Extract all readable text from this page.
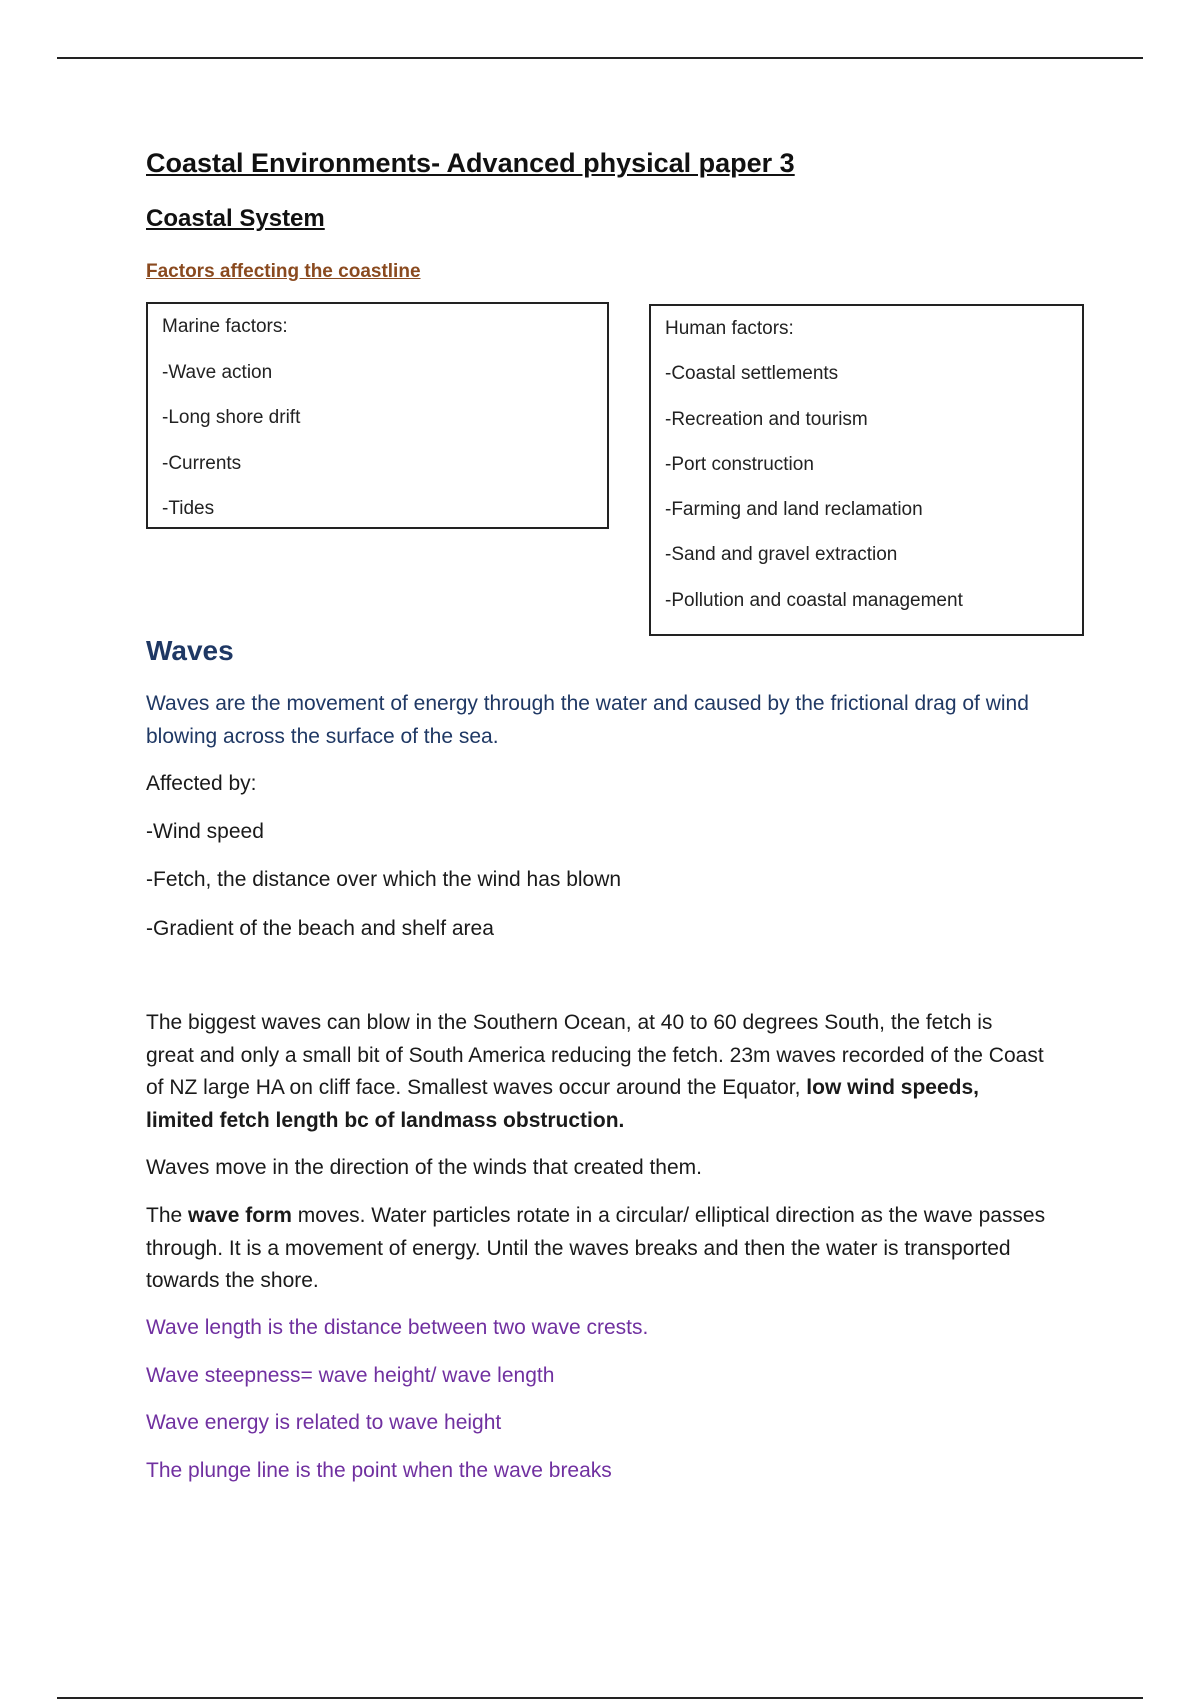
Coastal Environments- Advanced physical paper 3
Coastal System
Factors affecting the coastline
Marine factors:
-Wave action
-Long shore drift
-Currents
-Tides
Human factors:
-Coastal settlements
-Recreation and tourism
-Port construction
-Farming and land reclamation
-Sand and gravel extraction
-Pollution and coastal management
Waves
Waves are the movement of energy through the water and caused by the frictional drag of wind blowing across the surface of the sea.
Affected by:
-Wind speed
-Fetch, the distance over which the wind has blown
-Gradient of the beach and shelf area
The biggest waves can blow in the Southern Ocean, at 40 to 60 degrees South, the fetch is great and only a small bit of South America reducing the fetch. 23m waves recorded of the Coast of NZ large HA on cliff face. Smallest waves occur around the Equator, low wind speeds, limited fetch length bc of landmass obstruction.
Waves move in the direction of the winds that created them.
The wave form moves. Water particles rotate in a circular/ elliptical direction as the wave passes through. It is a movement of energy. Until the waves breaks and then the water is transported towards the shore.
Wave length is the distance between two wave crests.
Wave steepness= wave height/ wave length
Wave energy is related to wave height
The plunge line is the point when the wave breaks
